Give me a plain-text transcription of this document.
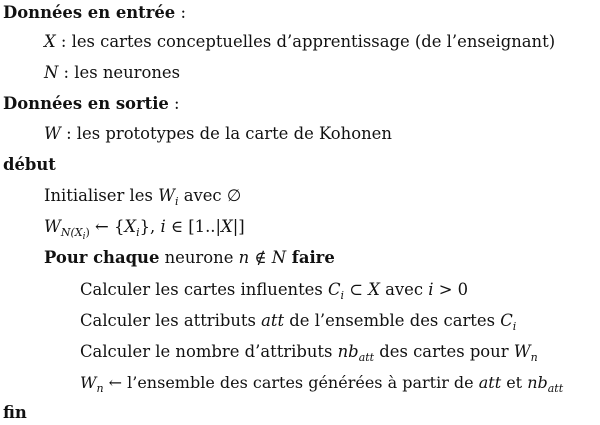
Données en entrée :
X : les cartes conceptuelles d’apprentissage (de l’enseignant)
N : les neurones
Données en sortie :
W : les prototypes de la carte de Kohonen
début
Initialiser les $W_i$ avec ∅
$W_{N(X_i)}$ ← $\{X_i\}$, i ∈ [1..|X|]
Pour chaque neurone n ∉ N faire
Calculer les cartes influentes $C_i$ ⊂ X avec i > 0
Calculer les attributs att de l’ensemble des cartes $C_i$
Calculer le nombre d’attributs $nb_{att}$ des cartes pour $W_n$
$W_n$ ← l’ensemble des cartes générées à partir de att et $nb_{att}$
fin
